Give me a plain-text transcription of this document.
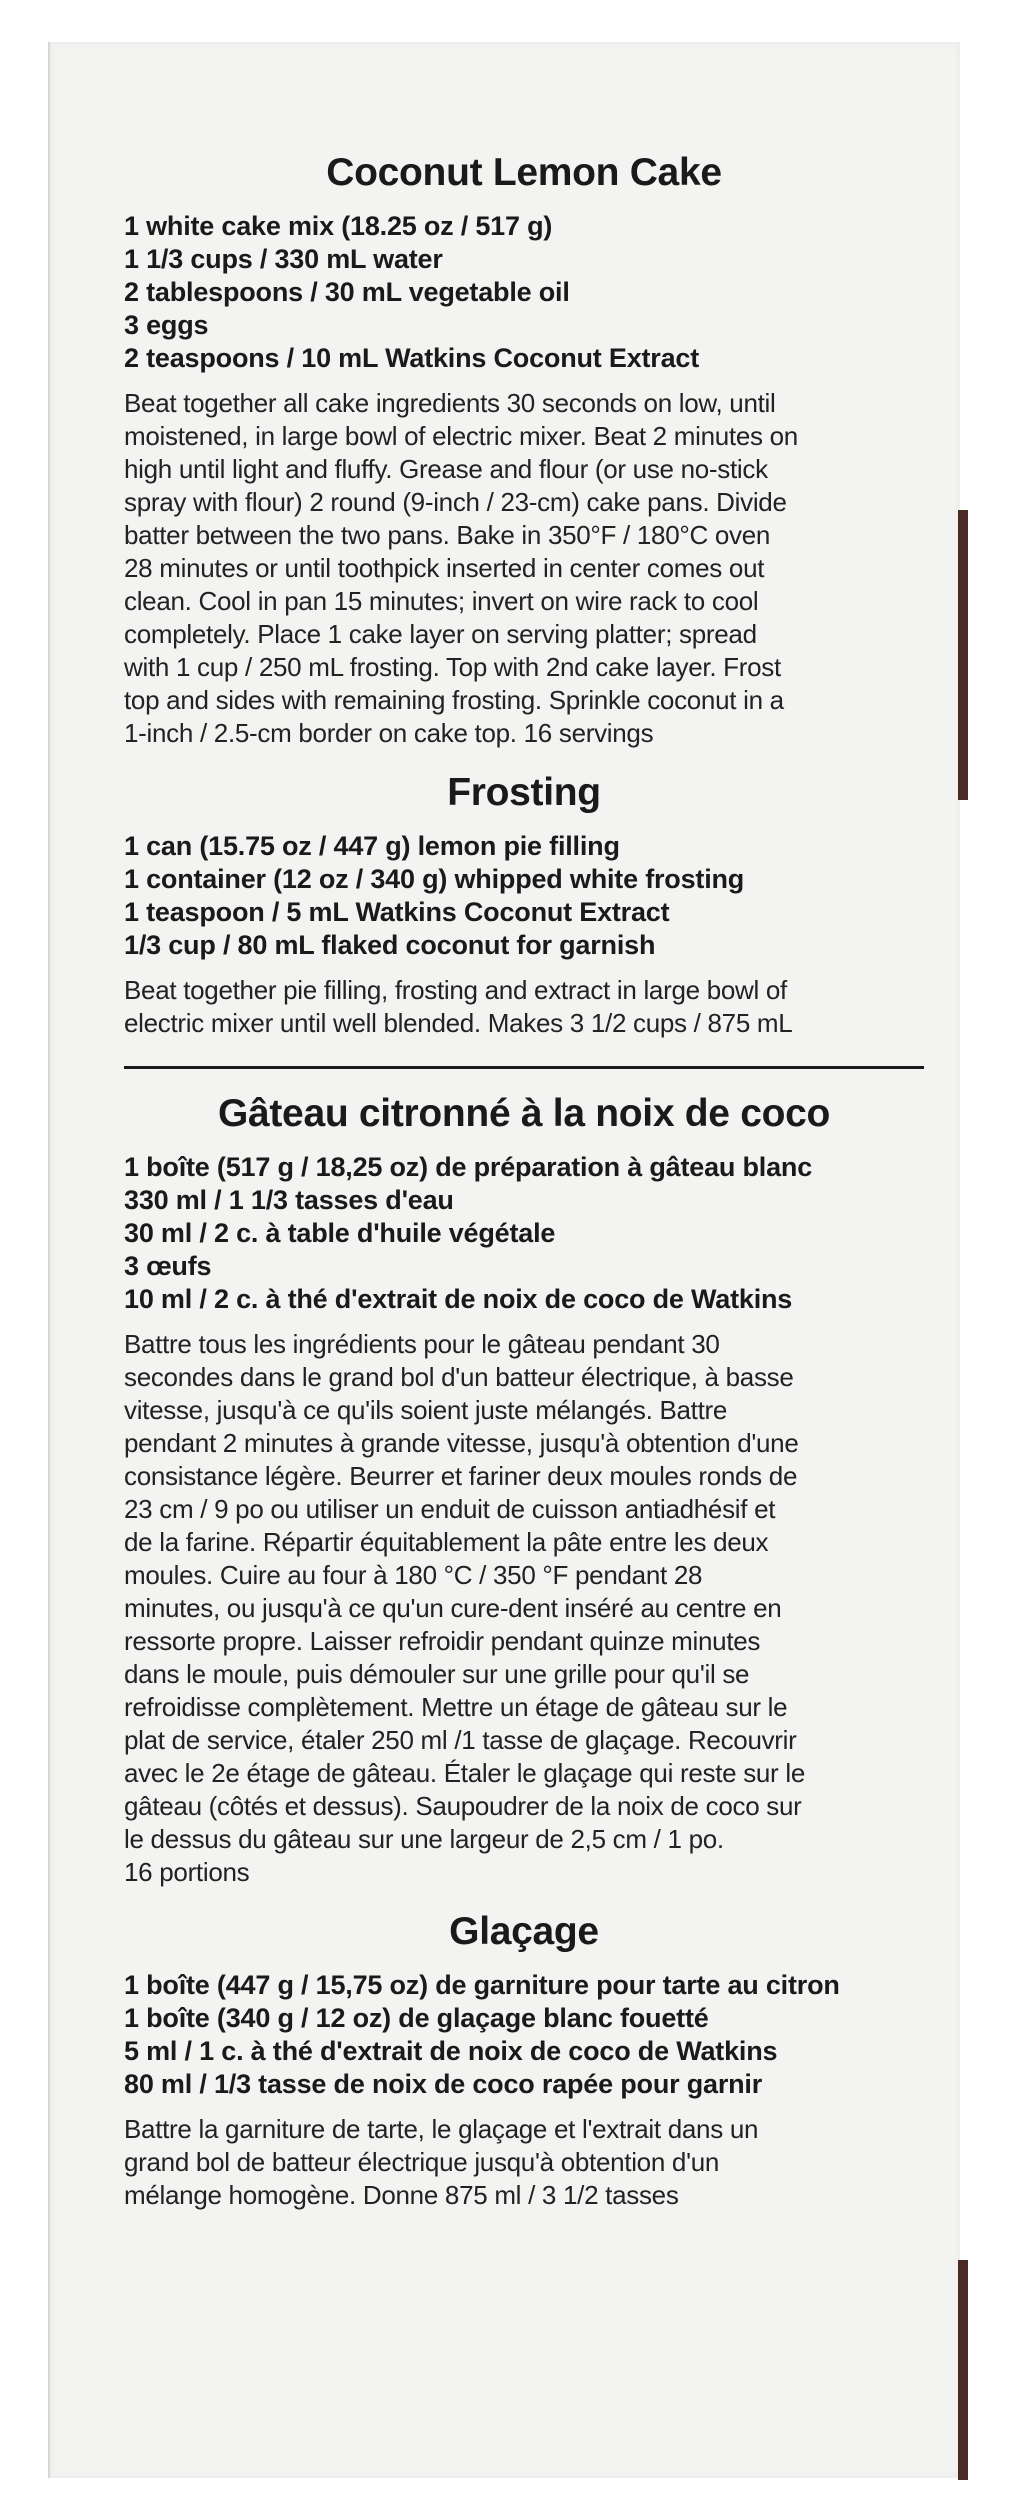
Coconut Lemon Cake
1 white cake mix (18.25 oz / 517 g)
1 1/3 cups / 330 mL water
2 tablespoons / 30 mL vegetable oil
3 eggs
2 teaspoons / 10 mL Watkins Coconut Extract

Beat together all cake ingredients 30 seconds on low, until
moistened, in large bowl of electric mixer. Beat 2 minutes on
high until light and fluffy. Grease and flour (or use no-stick
spray with flour) 2 round (9-inch / 23-cm) cake pans. Divide
batter between the two pans. Bake in 350°F / 180°C oven
28 minutes or until toothpick inserted in center comes out
clean. Cool in pan 15 minutes; invert on wire rack to cool
completely. Place 1 cake layer on serving platter; spread
with 1 cup / 250 mL frosting. Top with 2nd cake layer. Frost
top and sides with remaining frosting. Sprinkle coconut in a
1-inch / 2.5-cm border on cake top. 16 servings

Frosting
1 can (15.75 oz / 447 g) lemon pie filling
1 container (12 oz / 340 g) whipped white frosting
1 teaspoon / 5 mL Watkins Coconut Extract
1/3 cup / 80 mL flaked coconut for garnish

Beat together pie filling, frosting and extract in large bowl of
electric mixer until well blended. Makes 3 1/2 cups / 875 mL

Gâteau citronné à la noix de coco
1 boîte (517 g / 18,25 oz) de préparation à gâteau blanc
330 ml / 1 1/3 tasses d'eau
30 ml / 2 c. à table d'huile végétale
3 œufs
10 ml / 2 c. à thé d'extrait de noix de coco de Watkins

Battre tous les ingrédients pour le gâteau pendant 30
secondes dans le grand bol d'un batteur électrique, à basse
vitesse, jusqu'à ce qu'ils soient juste mélangés. Battre
pendant 2 minutes à grande vitesse, jusqu'à obtention d'une
consistance légère. Beurrer et fariner deux moules ronds de
23 cm / 9 po ou utiliser un enduit de cuisson antiadhésif et
de la farine. Répartir équitablement la pâte entre les deux
moules. Cuire au four à 180 °C / 350 °F pendant 28
minutes, ou jusqu'à ce qu'un cure-dent inséré au centre en
ressorte propre. Laisser refroidir pendant quinze minutes
dans le moule, puis démouler sur une grille pour qu'il se
refroidisse complètement. Mettre un étage de gâteau sur le
plat de service, étaler 250 ml /1 tasse de glaçage. Recouvrir
avec le 2e étage de gâteau. Étaler le glaçage qui reste sur le
gâteau (côtés et dessus). Saupoudrer de la noix de coco sur
le dessus du gâteau sur une largeur de 2,5 cm / 1 po.
16 portions

Glaçage
1 boîte (447 g / 15,75 oz) de garniture pour tarte au citron
1 boîte (340 g / 12 oz) de glaçage blanc fouetté
5 ml / 1 c. à thé d'extrait de noix de coco de Watkins
80 ml / 1/3 tasse de noix de coco rapée pour garnir

Battre la garniture de tarte, le glaçage et l'extrait dans un
grand bol de batteur électrique jusqu'à obtention d'un
mélange homogène. Donne 875 ml / 3 1/2 tasses
